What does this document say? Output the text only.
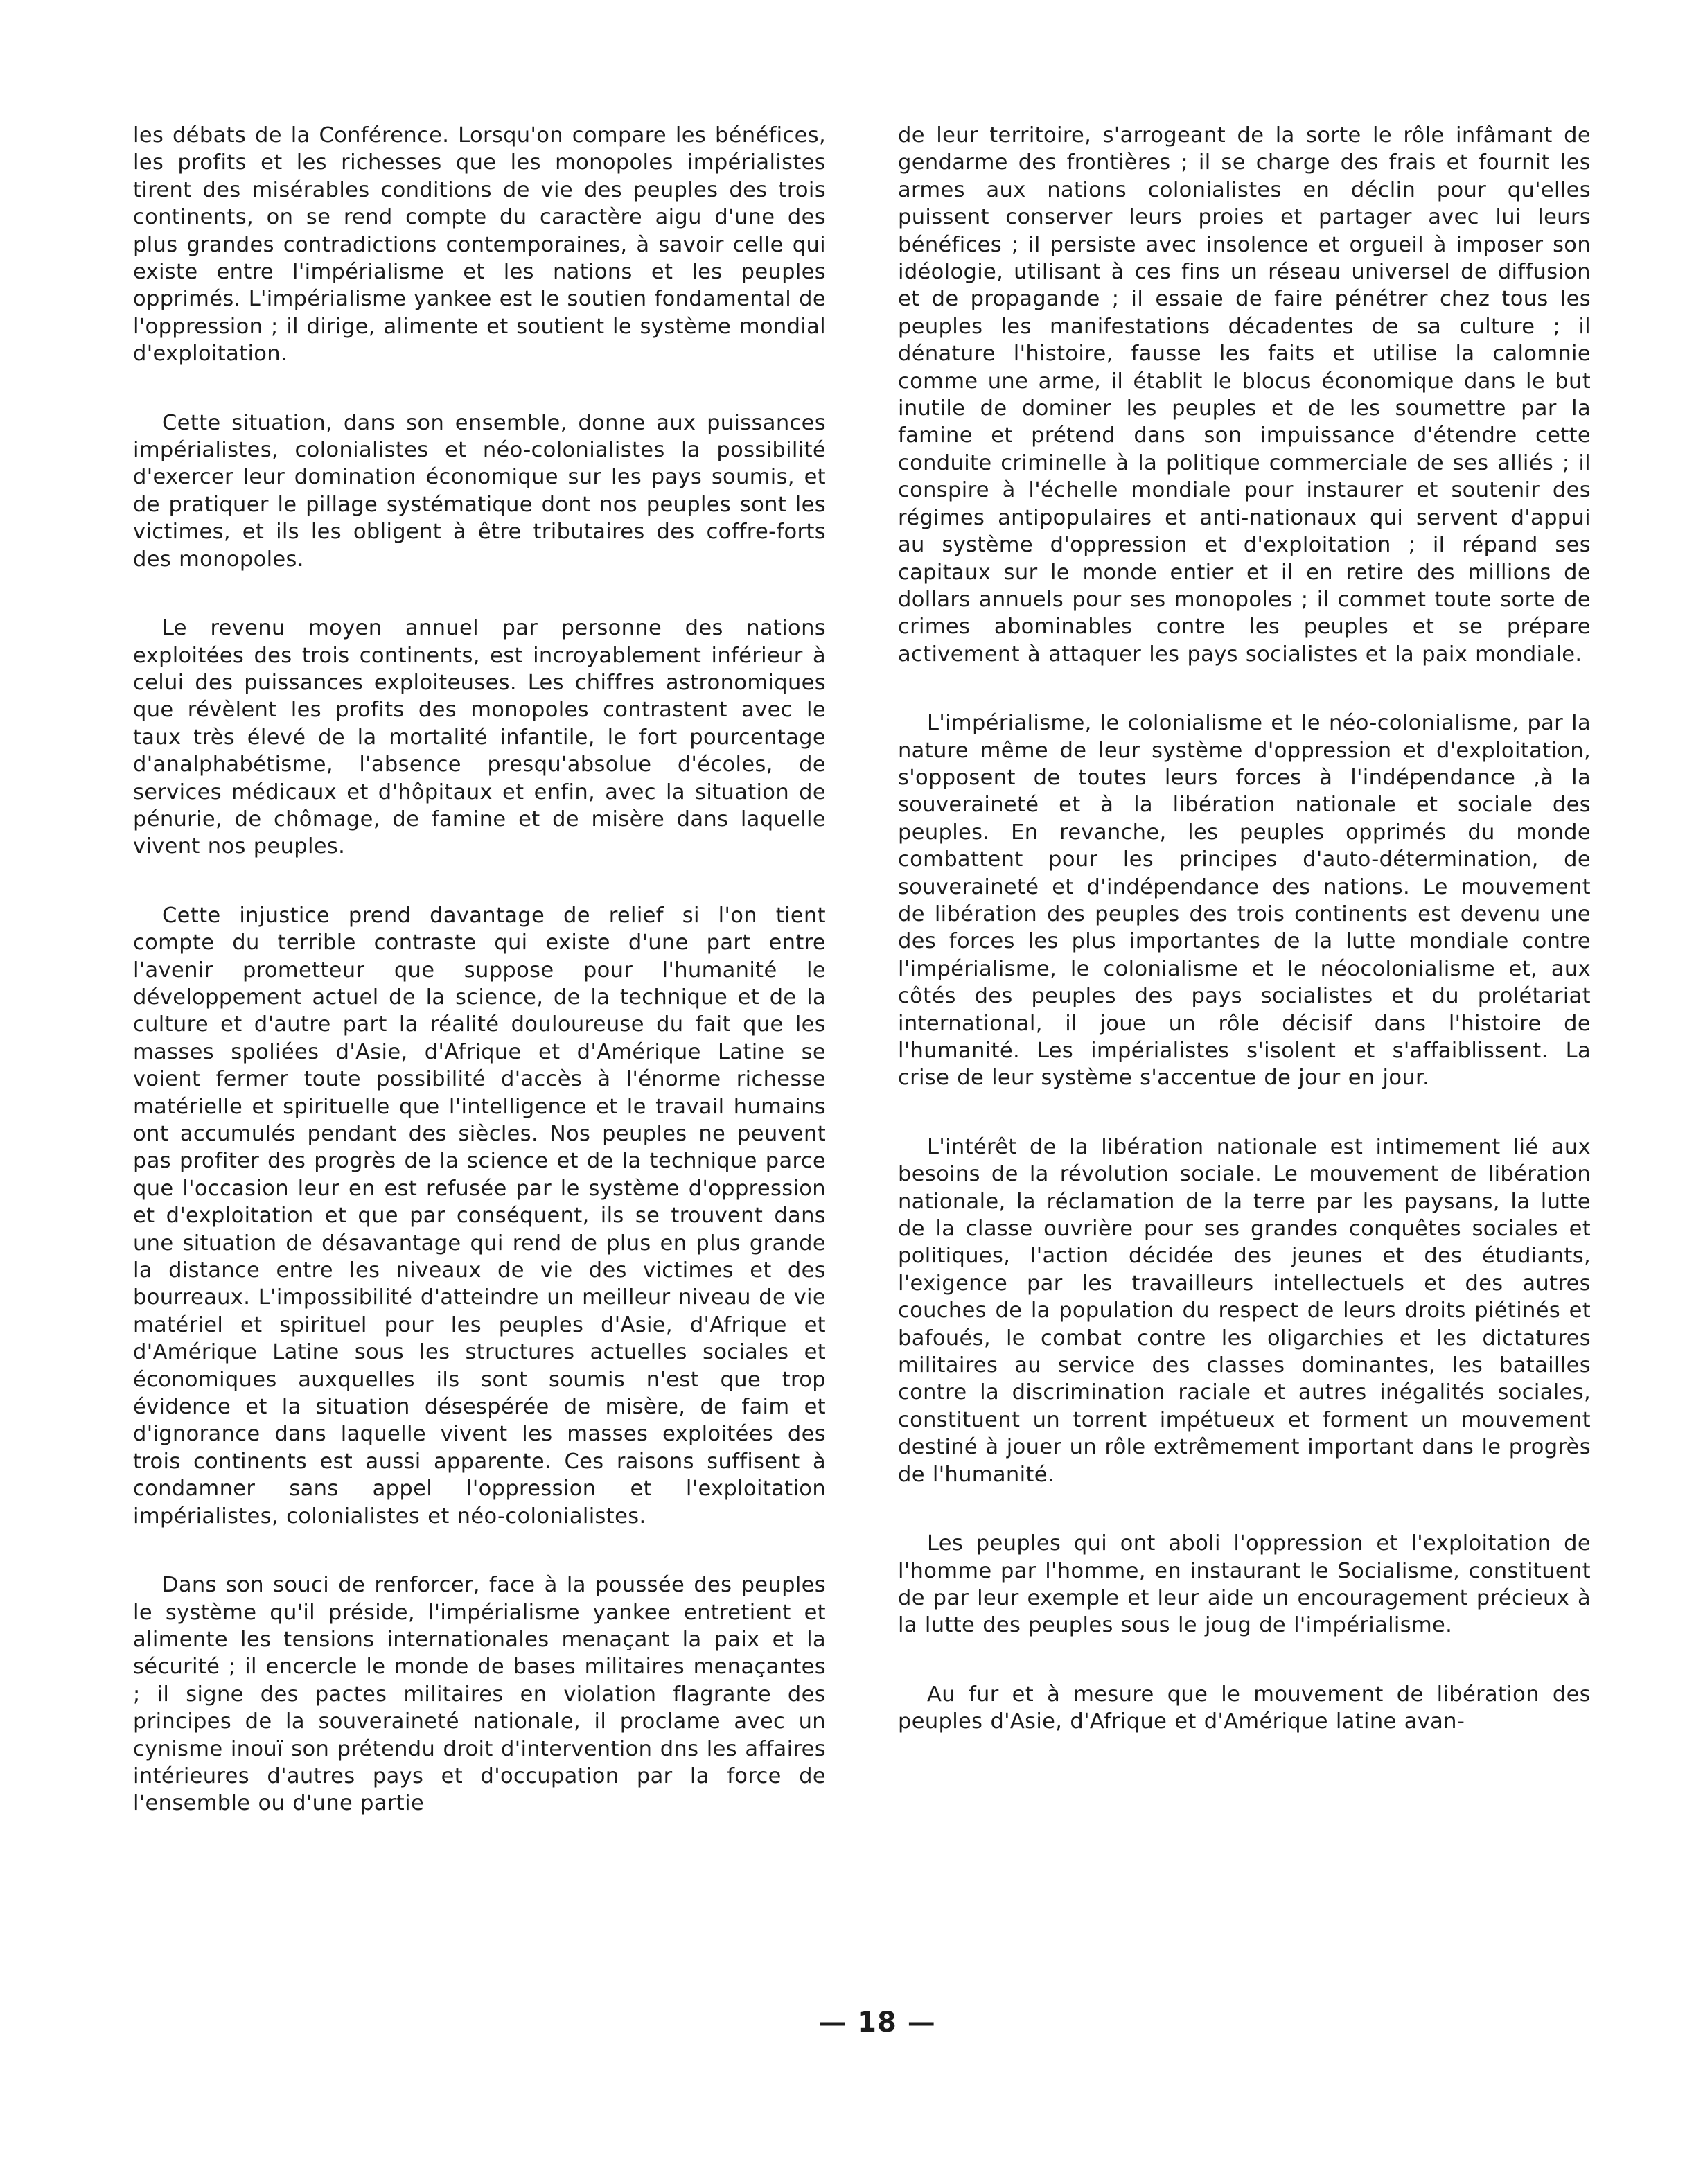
les débats de la Conférence. Lorsqu'on compare les bénéfices, les profits et les richesses que les monopoles impérialistes tirent des misérables conditions de vie des peuples des trois continents, on se rend compte du caractère aigu d'une des plus grandes contradictions contemporaines, à savoir celle qui existe entre l'impérialisme et les nations et les peuples opprimés. L'impérialisme yankee est le soutien fondamental de l'oppression ; il dirige, alimente et soutient le système mondial d'exploitation.

Cette situation, dans son ensemble, donne aux puissances impérialistes, colonialistes et néo-colonialistes la possibilité d'exercer leur domination économique sur les pays soumis, et de pratiquer le pillage systématique dont nos peuples sont les victimes, et ils les obligent à être tributaires des coffre-forts des monopoles.

Le revenu moyen annuel par personne des nations exploitées des trois continents, est incroyablement inférieur à celui des puissances exploiteuses. Les chiffres astronomiques que révèlent les profits des monopoles contrastent avec le taux très élevé de la mortalité infantile, le fort pourcentage d'analphabétisme, l'absence presqu'absolue d'écoles, de services médicaux et d'hôpitaux et enfin, avec la situation de pénurie, de chômage, de famine et de misère dans laquelle vivent nos peuples.

Cette injustice prend davantage de relief si l'on tient compte du terrible contraste qui existe d'une part entre l'avenir prometteur que suppose pour l'humanité le développement actuel de la science, de la technique et de la culture et d'autre part la réalité douloureuse du fait que les masses spoliées d'Asie, d'Afrique et d'Amérique Latine se voient fermer toute possibilité d'accès à l'énorme richesse matérielle et spirituelle que l'intelligence et le travail humains ont accumulés pendant des siècles. Nos peuples ne peuvent pas profiter des progrès de la science et de la technique parce que l'occasion leur en est refusée par le système d'oppression et d'exploitation et que par conséquent, ils se trouvent dans une situation de désavantage qui rend de plus en plus grande la distance entre les niveaux de vie des victimes et des bourreaux. L'impossibilité d'atteindre un meilleur niveau de vie matériel et spirituel pour les peuples d'Asie, d'Afrique et d'Amérique Latine sous les structures actuelles sociales et économiques auxquelles ils sont soumis n'est que trop évidence et la situation désespérée de misère, de faim et d'ignorance dans laquelle vivent les masses exploitées des trois continents est aussi apparente. Ces raisons suffisent à condamner sans appel l'oppression et l'exploitation impérialistes, colonialistes et néo-colonialistes.

Dans son souci de renforcer, face à la poussée des peuples le système qu'il préside, l'impérialisme yankee entretient et alimente les tensions internationales menaçant la paix et la sécurité ; il encercle le monde de bases militaires menaçantes ; il signe des pactes militaires en violation flagrante des principes de la souveraineté nationale, il proclame avec un cynisme inouï son prétendu droit d'intervention dns les affaires intérieures d'autres pays et d'occupation par la force de l'ensemble ou d'une partie

de leur territoire, s'arrogeant de la sorte le rôle infâmant de gendarme des frontières ; il se charge des frais et fournit les armes aux nations colonialistes en déclin pour qu'elles puissent conserver leurs proies et partager avec lui leurs bénéfices ; il persiste avec insolence et orgueil à imposer son idéologie, utilisant à ces fins un réseau universel de diffusion et de propagande ; il essaie de faire pénétrer chez tous les peuples les manifestations décadentes de sa culture ; il dénature l'histoire, fausse les faits et utilise la calomnie comme une arme, il établit le blocus économique dans le but inutile de dominer les peuples et de les soumettre par la famine et prétend dans son impuissance d'étendre cette conduite criminelle à la politique commerciale de ses alliés ; il conspire à l'échelle mondiale pour instaurer et soutenir des régimes antipopulaires et anti-nationaux qui servent d'appui au système d'oppression et d'exploitation ; il répand ses capitaux sur le monde entier et il en retire des millions de dollars annuels pour ses monopoles ; il commet toute sorte de crimes abominables contre les peuples et se prépare activement à attaquer les pays socialistes et la paix mondiale.

L'impérialisme, le colonialisme et le néo-colonialisme, par la nature même de leur système d'oppression et d'exploitation, s'opposent de toutes leurs forces à l'indépendance ,à la souveraineté et à la libération nationale et sociale des peuples. En revanche, les peuples opprimés du monde combattent pour les principes d'auto-détermination, de souveraineté et d'indépendance des nations. Le mouvement de libération des peuples des trois continents est devenu une des forces les plus importantes de la lutte mondiale contre l'impérialisme, le colonialisme et le néocolonialisme et, aux côtés des peuples des pays socialistes et du prolétariat international, il joue un rôle décisif dans l'histoire de l'humanité. Les impérialistes s'isolent et s'affaiblissent. La crise de leur système s'accentue de jour en jour.

L'intérêt de la libération nationale est intimement lié aux besoins de la révolution sociale. Le mouvement de libération nationale, la réclamation de la terre par les paysans, la lutte de la classe ouvrière pour ses grandes conquêtes sociales et politiques, l'action décidée des jeunes et des étudiants, l'exigence par les travailleurs intellectuels et des autres couches de la population du respect de leurs droits piétinés et bafoués, le combat contre les oligarchies et les dictatures militaires au service des classes dominantes, les batailles contre la discrimination raciale et autres inégalités sociales, constituent un torrent impétueux et forment un mouvement destiné à jouer un rôle extrêmement important dans le progrès de l'humanité.

Les peuples qui ont aboli l'oppression et l'exploitation de l'homme par l'homme, en instaurant le Socialisme, constituent de par leur exemple et leur aide un encouragement précieux à la lutte des peuples sous le joug de l'impérialisme.

Au fur et à mesure que le mouvement de libération des peuples d'Asie, d'Afrique et d'Amérique latine avan-

— 18 —
